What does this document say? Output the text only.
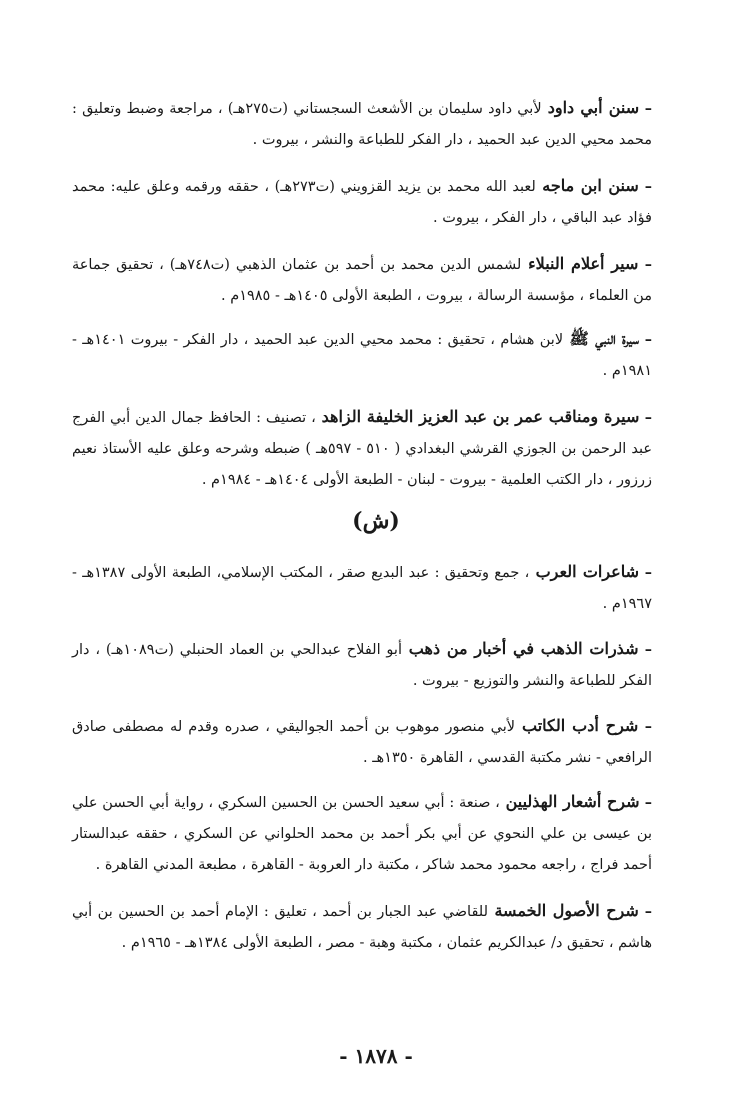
– سنن أبي داود لأبي داود سليمان بن الأشعث السجستاني (ت٢٧٥هـ) ، مراجعة وضبط وتعليق : محمد محيي الدين عبد الحميد ، دار الفكر للطباعة والنشر ، بيروت .
– سنن ابن ماجه لعبد الله محمد بن يزيد القزويني (ت٢٧٣هـ) ، حققه ورقمه وعلق عليه: محمد فؤاد عبد الباقي ، دار الفكر ، بيروت .
– سير أعلام النبلاء لشمس الدين محمد بن أحمد بن عثمان الذهبي (ت٧٤٨هـ) ، تحقيق جماعة من العلماء ، مؤسسة الرسالة ، بيروت ، الطبعة الأولى ١٤٠٥هـ - ١٩٨٥م .
– سيرة النبي ﷺ لابن هشام ، تحقيق : محمد محيي الدين عبد الحميد ، دار الفكر - بيروت ١٤٠١هـ - ١٩٨١م .
– سيرة ومناقب عمر بن عبد العزيز الخليفة الزاهد ، تصنيف : الحافظ جمال الدين أبي الفرج عبد الرحمن بن الجوزي القرشي البغدادي ( ٥١٠ - ٥٩٧هـ ) ضبطه وشرحه وعلق عليه الأستاذ نعيم زرزور ، دار الكتب العلمية - بيروت - لبنان - الطبعة الأولى ١٤٠٤هـ - ١٩٨٤م .
(ش)
– شاعرات العرب ، جمع وتحقيق : عبد البديع صقر ، المكتب الإسلامي، الطبعة الأولى ١٣٨٧هـ - ١٩٦٧م .
– شذرات الذهب في أخبار من ذهب أبو الفلاح عبدالحي بن العماد الحنبلي (ت١٠٨٩هـ) ، دار الفكر للطباعة والنشر والتوزيع - بيروت .
– شرح أدب الكاتب لأبي منصور موهوب بن أحمد الجواليقي ، صدره وقدم له مصطفى صادق الرافعي - نشر مكتبة القدسي ، القاهرة ١٣٥٠هـ .
– شرح أشعار الهذليين ، صنعة : أبي سعيد الحسن بن الحسين السكري ، رواية أبي الحسن علي بن عيسى بن علي النحوي عن أبي بكر أحمد بن محمد الحلواني عن السكري ، حققه عبدالستار أحمد فراج ، راجعه محمود محمد شاكر ، مكتبة دار العروبة - القاهرة ، مطبعة المدني القاهرة .
– شرح الأصول الخمسة للقاضي عبد الجبار بن أحمد ، تعليق : الإمام أحمد بن الحسين بن أبي هاشم ، تحقيق د/ عبدالكريم عثمان ، مكتبة وهبة - مصر ، الطبعة الأولى ١٣٨٤هـ - ١٩٦٥م .
- ١٨٧٨ -
